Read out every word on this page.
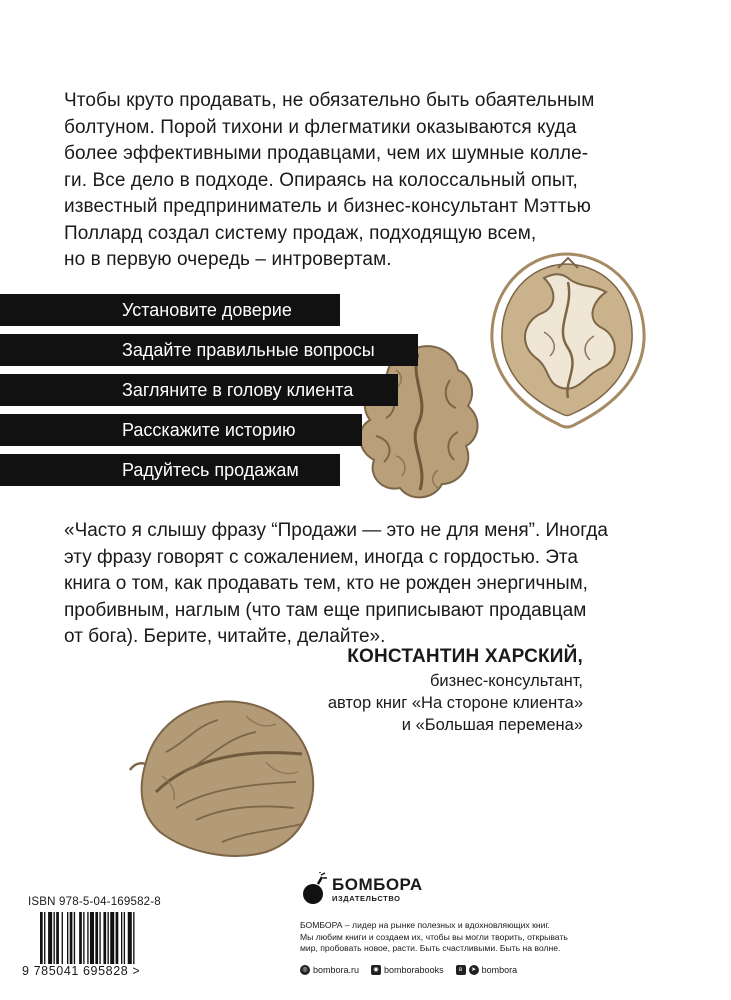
Чтобы круто продавать, не обязательно быть обаятельным
болтуном. Порой тихони и флегматики оказываются куда
более эффективными продавцами, чем их шумные колле-
ги. Все дело в подходе. Опираясь на колоссальный опыт,
известный предприниматель и бизнес-консультант Мэттью
Поллард создал систему продаж, подходящую всем,
но в первую очередь – интровертам.
Установите доверие
Задайте правильные вопросы
Загляните в голову клиента
Расскажите историю
Радуйтесь продажам
«Часто я слышу фразу “Продажи — это не для меня”. Иногда
эту фразу говорят с сожалением, иногда с гордостью. Эта
книга о том, как продавать тем, кто не рожден энергичным,
пробивным, наглым (что там еще приписывают продавцам
от бога). Берите, читайте, делайте».
КОНСТАНТИН ХАРСКИЙ,
бизнес-консультант,
автор книг «На стороне клиента»
и «Большая перемена»
ISBN 978-5-04-169582-8
9 785041 695828 >
БОМБОРА
ИЗДАТЕЛЬСТВО
БОМБОРА – лидер на рынке полезных и вдохновляющих книг.
Мы любим книги и создаем их, чтобы вы могли творить, открывать
мир, пробовать новое, расти. Быть счастливыми. Быть на волне.
◎ bombora.ru	◉ bomborabooks	в	➤ bombora
